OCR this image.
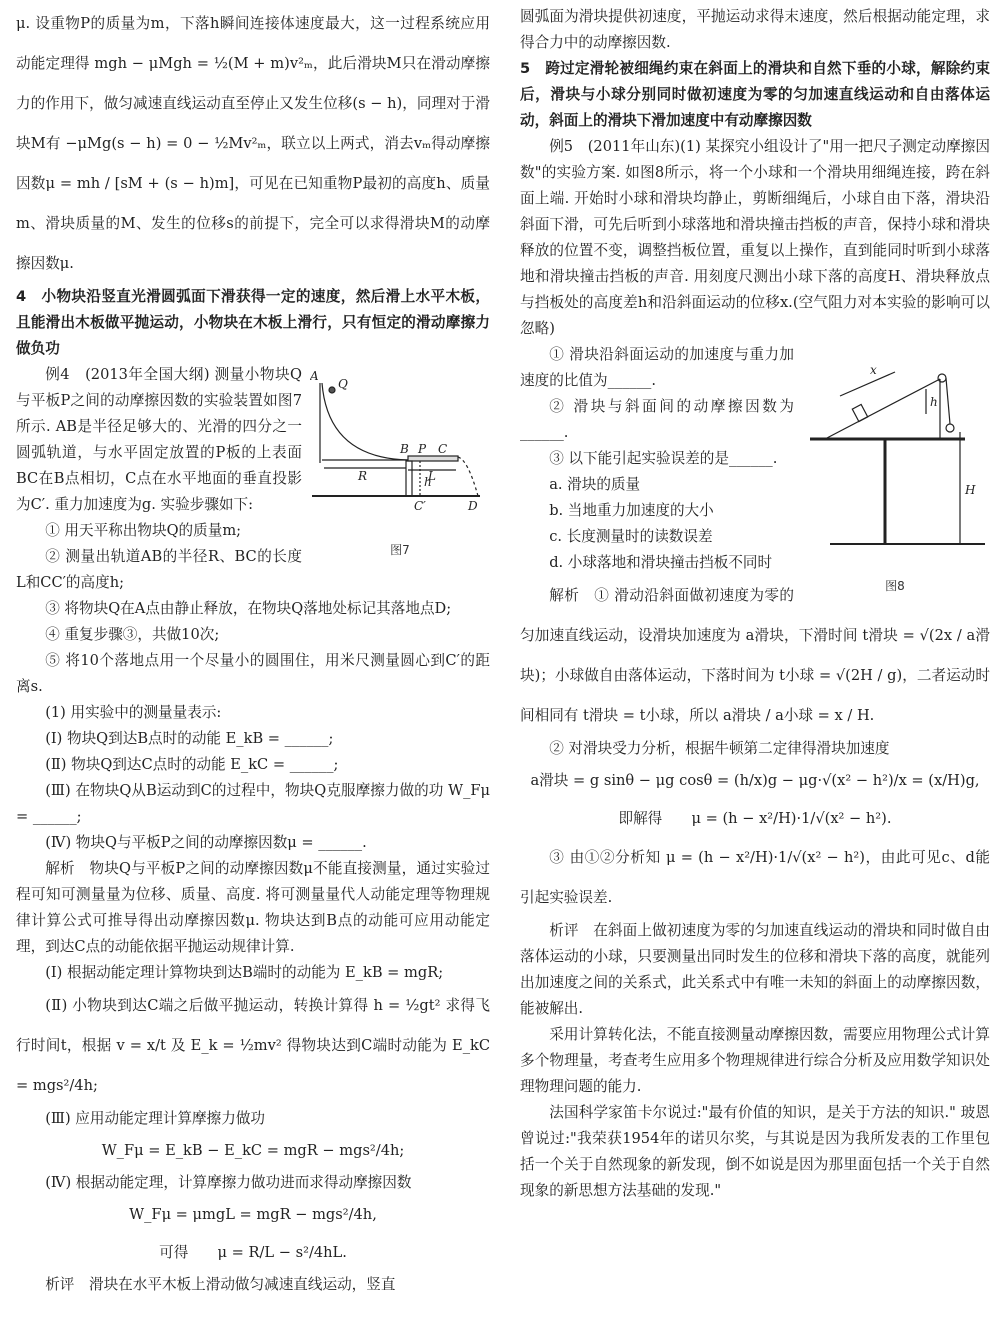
μ. 设重物P的质量为m，下落h瞬间连接体速度最大，这一过程系统应用动能定理得 mgh − μMgh = ½(M + m)v²ₘ，此后滑块M只在滑动摩擦力的作用下，做匀减速直线运动直至停止又发生位移(s − h)，同理对于滑块M有 −μMg(s − h) = 0 − ½Mv²ₘ，联立以上两式，消去vₘ得动摩擦因数μ = mh / [sM + (s − h)m]，可见在已知重物P最初的高度h、质量m、滑块质量的M、发生的位移s的前提下，完全可以求得滑块M的动摩擦因数μ.

4　小物块沿竖直光滑圆弧面下滑获得一定的速度，然后滑上水平木板，且能滑出木板做平抛运动，小物块在木板上滑行，只有恒定的滑动摩擦力做负功

A
Q
B P C
R	L
h
C′	D
图7

例4　(2013年全国大纲) 测量小物块Q与平板P之间的动摩擦因数的实验装置如图7所示. AB是半径足够大的、光滑的四分之一圆弧轨道，与水平固定放置的P板的上表面BC在B点相切，C点在水平地面的垂直投影为C′. 重力加速度为g. 实验步骤如下:

① 用天平称出物块Q的质量m;

② 测量出轨道AB的半径R、BC的长度L和CC′的高度h;

③ 将物块Q在A点由静止释放，在物块Q落地处标记其落地点D;

④ 重复步骤③，共做10次;

⑤ 将10个落地点用一个尽量小的圆围住，用米尺测量圆心到C′的距离s.

(1) 用实验中的测量量表示:

(Ⅰ) 物块Q到达B点时的动能 E_kB = ______;

(Ⅱ) 物块Q到达C点时的动能 E_kC = ______;

(Ⅲ) 在物块Q从B运动到C的过程中，物块Q克服摩擦力做的功 W_Fμ = ______;

(Ⅳ) 物块Q与平板P之间的动摩擦因数μ = ______.

解析　物块Q与平板P之间的动摩擦因数μ不能直接测量，通过实验过程可知可测量量为位移、质量、高度. 将可测量量代人动能定理等物理规律计算公式可推导得出动摩擦因数μ. 物块达到B点的动能可应用动能定理，到达C点的动能依据平抛运动规律计算.

(Ⅰ) 根据动能定理计算物块到达B端时的动能为 E_kB = mgR;

(Ⅱ) 小物块到达C端之后做平抛运动，转换计算得 h = ½gt² 求得飞行时间t，根据 v = x/t 及 E_k = ½mv² 得物块达到C端时动能为 E_kC = mgs²/4h;

(Ⅲ) 应用动能定理计算摩擦力做功

W_Fμ = E_kB − E_kC = mgR − mgs²/4h;

(Ⅳ) 根据动能定理，计算摩擦力做功进而求得动摩擦因数

W_Fμ = μmgL = mgR − mgs²/4h,

可得　　 μ = R/L − s²/4hL.

析评　滑块在水平木板上滑动做匀减速直线运动，竖直

圆弧面为滑块提供初速度，平抛运动求得末速度，然后根据动能定理，求得合力中的动摩擦因数.

5　跨过定滑轮被细绳约束在斜面上的滑块和自然下垂的小球，解除约束后，滑块与小球分别同时做初速度为零的匀加速直线运动和自由落体运动，斜面上的滑块下滑加速度中有动摩擦因数

例5　(2011年山东)(1) 某探究小组设计了"用一把尺子测定动摩擦因数"的实验方案. 如图8所示，将一个小球和一个滑块用细绳连接，跨在斜面上端. 开始时小球和滑块均静止，剪断细绳后，小球自由下落，滑块沿斜面下滑，可先后听到小球落地和滑块撞击挡板的声音，保持小球和滑块释放的位置不变，调整挡板位置，重复以上操作，直到能同时听到小球落地和滑块撞击挡板的声音. 用刻度尺测出小球下落的高度H、滑块释放点与挡板处的高度差h和沿斜面运动的位移x.(空气阻力对本实验的影响可以忽略)

x
h
H
图8

① 滑块沿斜面运动的加速度与重力加速度的比值为______.

② 滑块与斜面间的动摩擦因数为______.

③ 以下能引起实验误差的是______.

a. 滑块的质量

b. 当地重力加速度的大小

c. 长度测量时的读数误差

d. 小球落地和滑块撞击挡板不同时

解析　① 滑动沿斜面做初速度为零的匀加速直线运动，设滑块加速度为 a滑块，下滑时间 t滑块 = √(2x / a滑块)；小球做自由落体运动，下落时间为 t小球 = √(2H / g)，二者运动时间相同有 t滑块 = t小球，所以 a滑块 / a小球 = x / H.

② 对滑块受力分析，根据牛顿第二定律得滑块加速度

a滑块 = g sinθ − μg cosθ = (h/x)g − μg·√(x² − h²)/x = (x/H)g,

即解得　　 μ = (h − x²/H)·1/√(x² − h²).

③ 由①②分析知 μ = (h − x²/H)·1/√(x² − h²)，由此可见c、d能引起实验误差.

析评　在斜面上做初速度为零的匀加速直线运动的滑块和同时做自由落体运动的小球，只要测量出同时发生的位移和滑块下落的高度，就能列出加速度之间的关系式，此关系式中有唯一未知的斜面上的动摩擦因数，能被解出.

采用计算转化法，不能直接测量动摩擦因数，需要应用物理公式计算多个物理量，考查考生应用多个物理规律进行综合分析及应用数学知识处理物理问题的能力.

法国科学家笛卡尔说过:"最有价值的知识，是关于方法的知识." 玻恩曾说过:"我荣获1954年的诺贝尔奖，与其说是因为我所发表的工作里包括一个关于自然现象的新发现，倒不如说是因为那里面包括一个关于自然现象的新思想方法基础的发现."
